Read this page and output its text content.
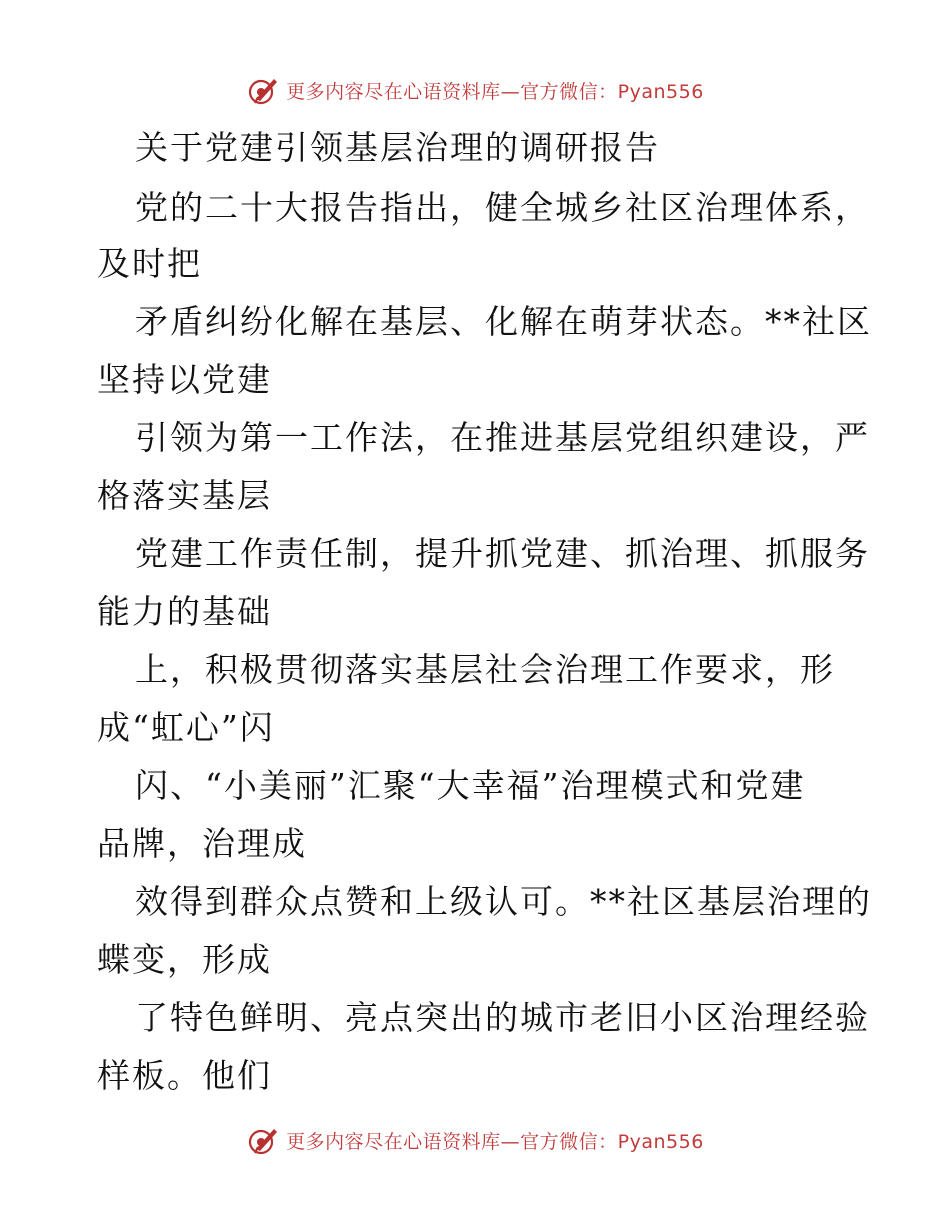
更多内容尽在心语资料库—官方微信：Pyan556
关于党建引领基层治理的调研报告
党的二十大报告指出，健全城乡社区治理体系，
及时把
矛盾纠纷化解在基层、化解在萌芽状态。**社区
坚持以党建
引领为第一工作法，在推进基层党组织建设，严
格落实基层
党建工作责任制，提升抓党建、抓治理、抓服务
能力的基础
上，积极贯彻落实基层社会治理工作要求，形
成“虹心”闪
闪、“小美丽”汇聚“大幸福”治理模式和党建
品牌，治理成
效得到群众点赞和上级认可。**社区基层治理的
蝶变，形成
了特色鲜明、亮点突出的城市老旧小区治理经验
样板。他们
更多内容尽在心语资料库—官方微信：Pyan556
